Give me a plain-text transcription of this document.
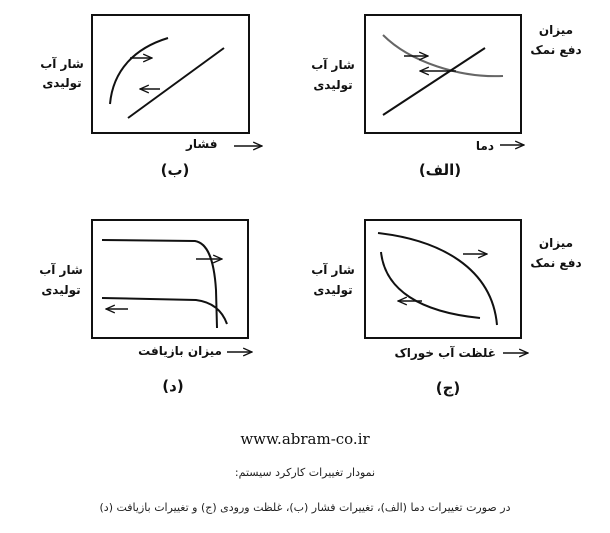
شار آب
تولیدی
فشار
(ب)
شار آب
تولیدی
میزان
دفع نمک
دما
(الف)
شار آب
تولیدی
میزان بازیافت
(د)
شار آب
تولیدی
میزان
دفع نمک
غلظت آب خوراک
(ج)
www.abram-co.ir
نمودار تغییرات کارکرد سیستم:
در صورت تغییرات دما (الف)، تغییرات فشار (ب)، غلظت ورودی (ج) و تغییرات بازیافت (د)
